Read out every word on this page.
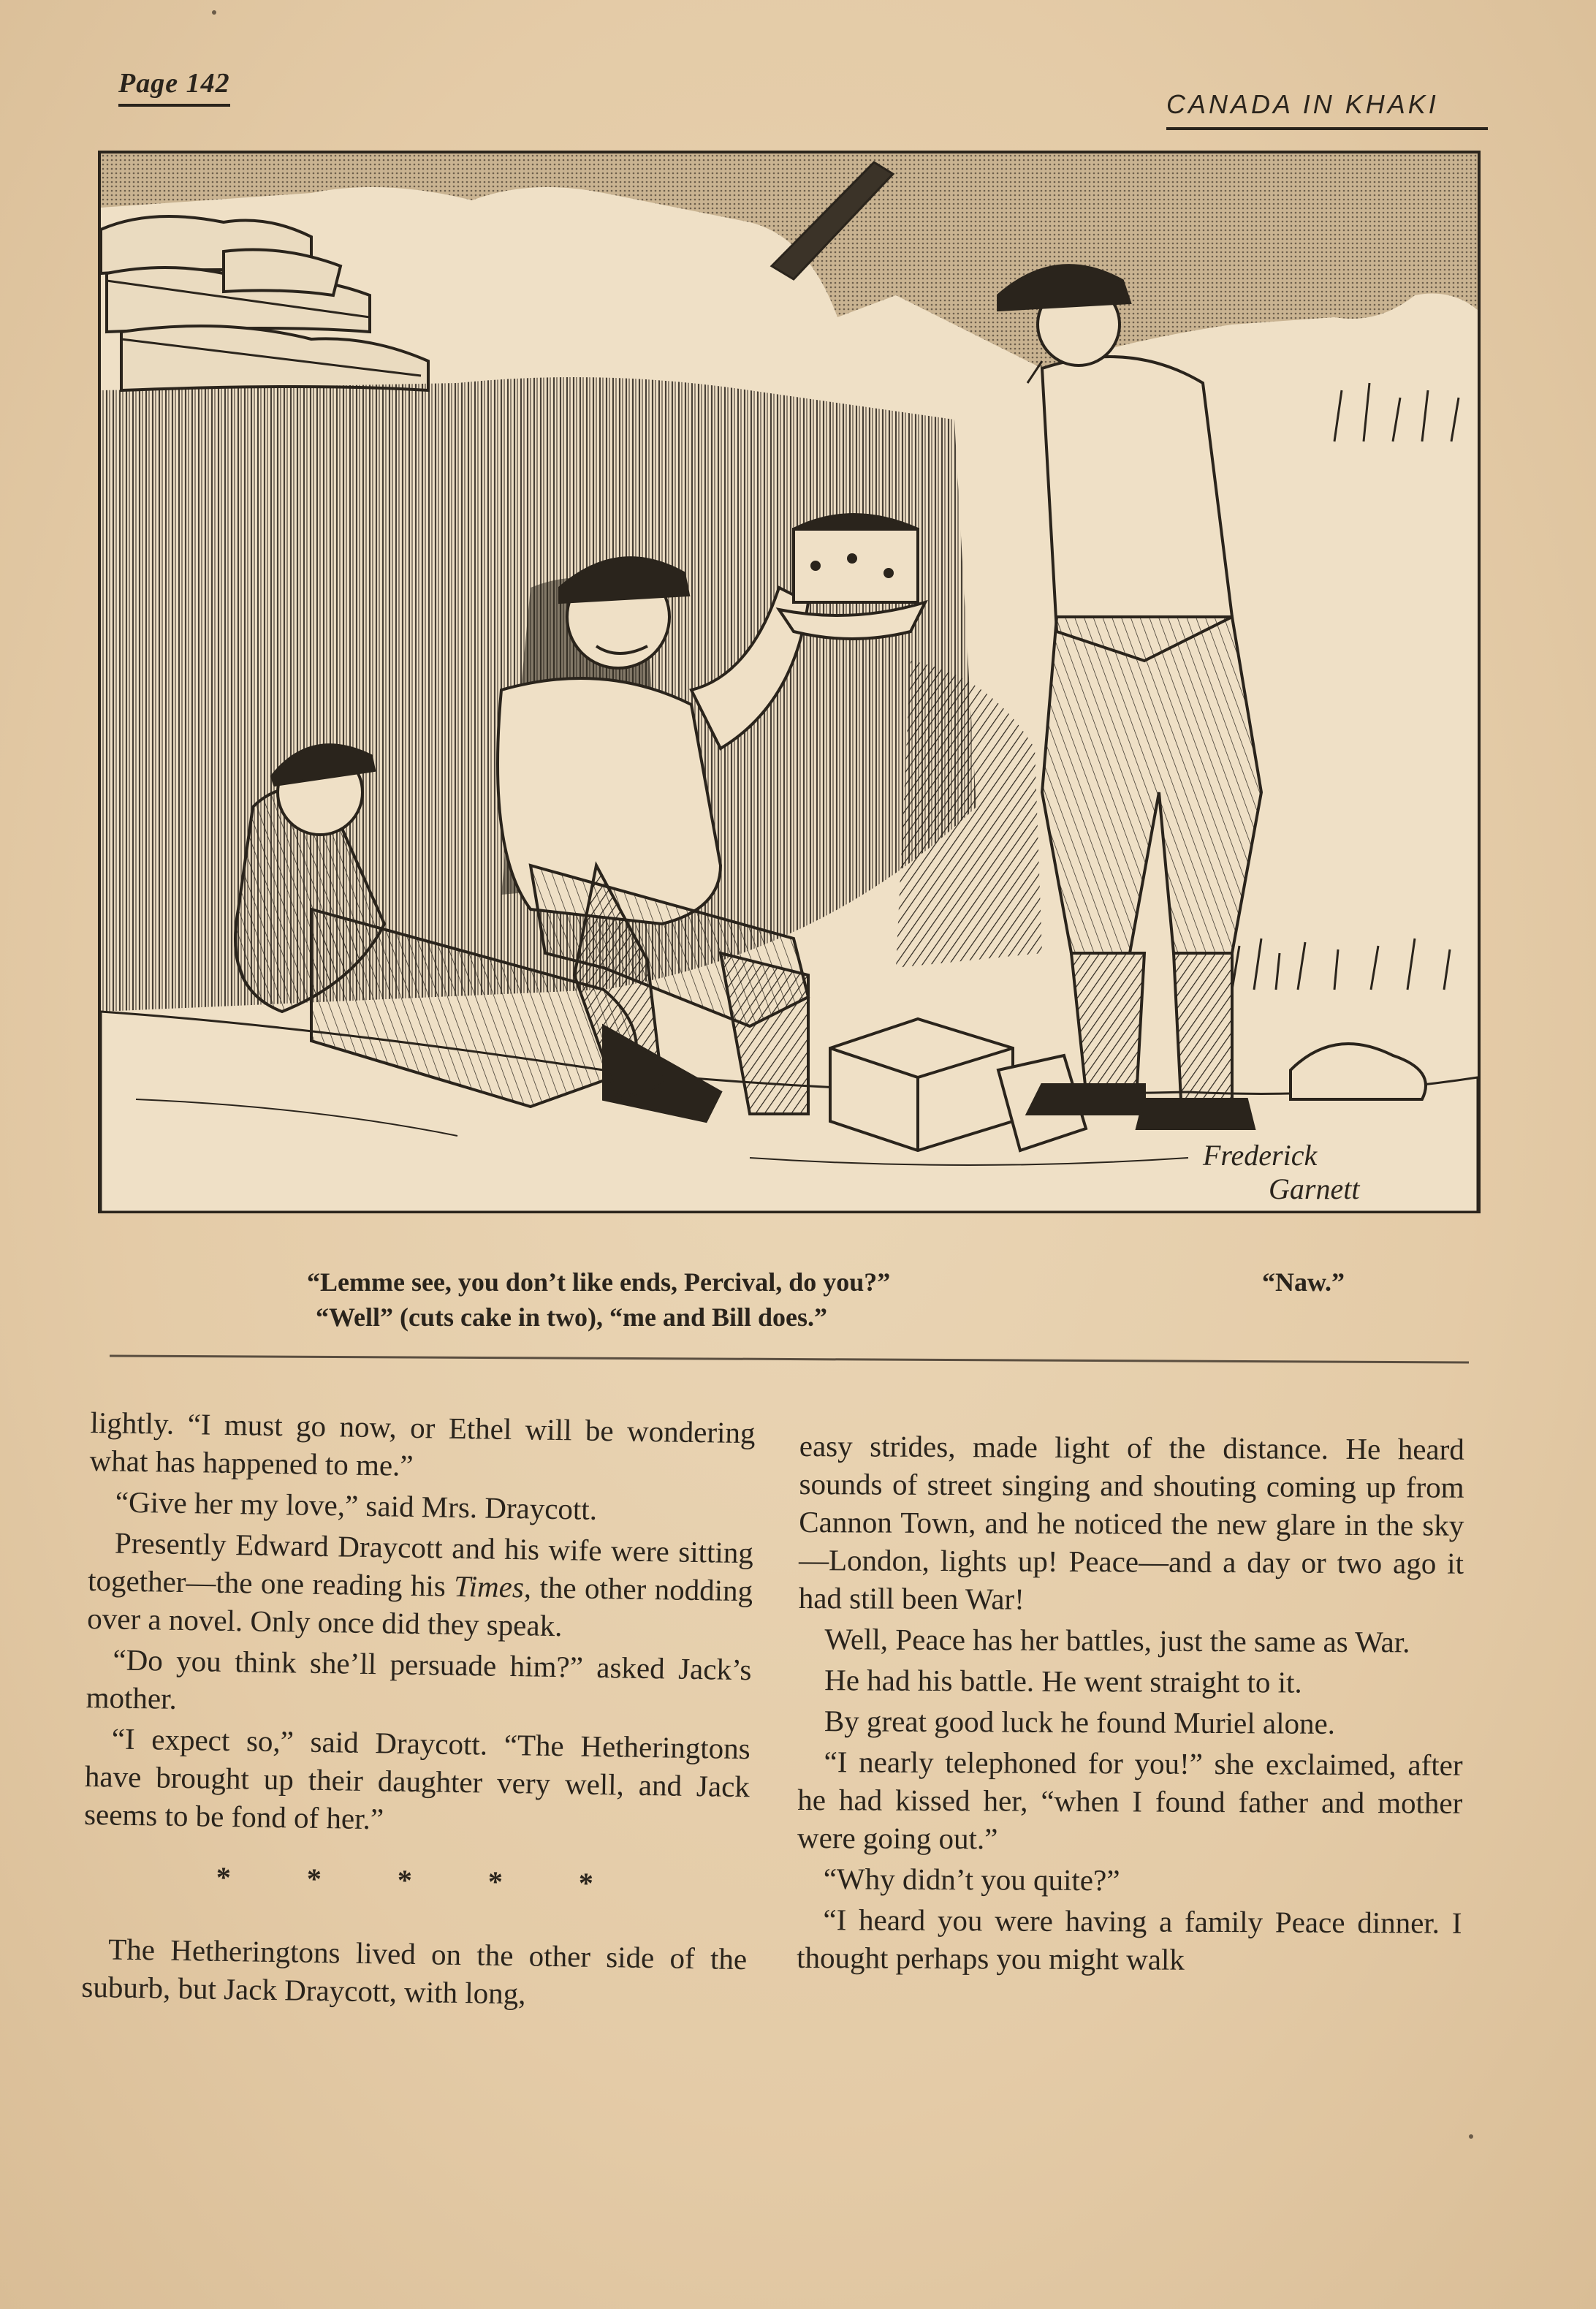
Page 142
CANADA IN KHAKI
Frederick
Garnett
“Lemme see, you don’t like ends, Percival, do you?”	“Naw.”
“Well” (cuts cake in two), “me and Bill does.”

lightly. “I must go now, or Ethel will be wondering what has happened to me.”

“Give her my love,” said Mrs. Draycott.

Presently Edward Draycott and his wife were sitting together—the one reading his Times, the other nodding over a novel. Only once did they speak.

“Do you think she’ll persuade him?” asked Jack’s mother.

“I expect so,” said Draycott. “The Hetheringtons have brought up their daughter very well, and Jack seems to be fond of her.”

*	*	*	*	*

The Hetheringtons lived on the other side of the suburb, but Jack Draycott, with long,

easy strides, made light of the distance. He heard sounds of street singing and shouting coming up from Cannon Town, and he noticed the new glare in the sky—London, lights up! Peace—and a day or two ago it had still been War!

Well, Peace has her battles, just the same as War.

He had his battle. He went straight to it.

By great good luck he found Muriel alone.

“I nearly telephoned for you!” she exclaimed, after he had kissed her, “when I found father and mother were going out.”

“Why didn’t you quite?”

“I heard you were having a family Peace dinner. I thought perhaps you might walk
